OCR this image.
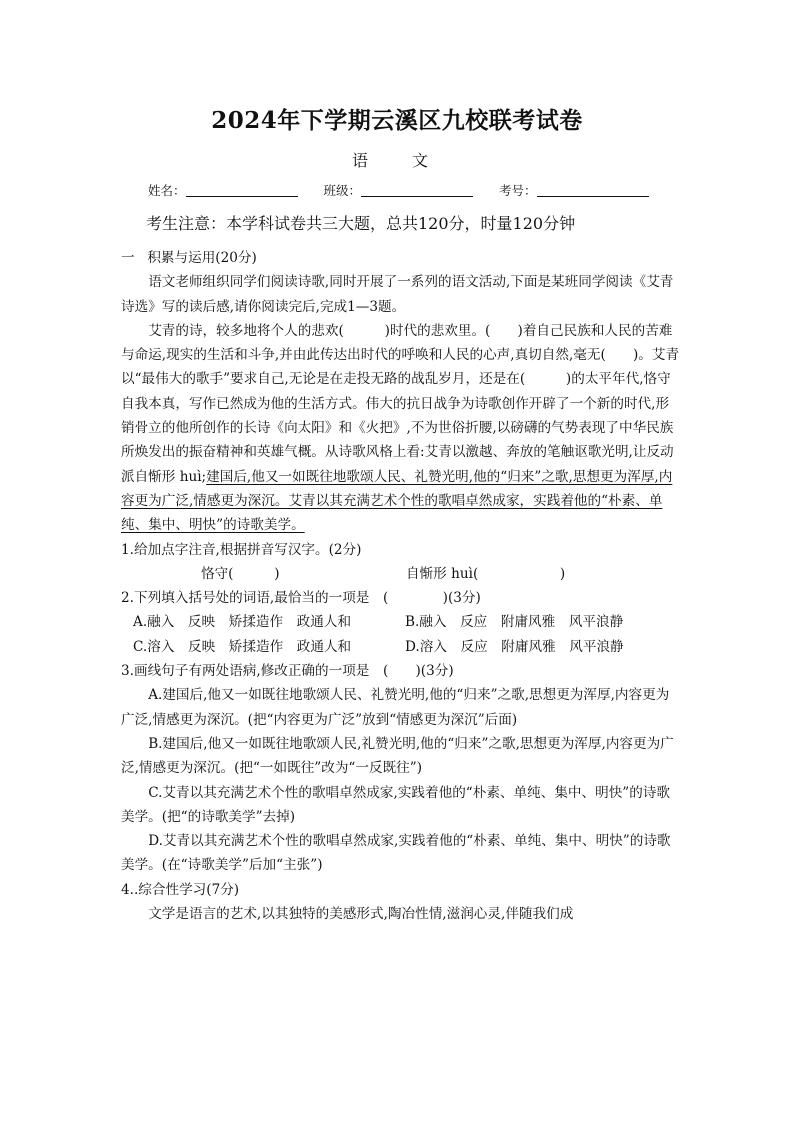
2024年下学期云溪区九校联考试卷
语　文
姓名：	班级：	考号：
考生注意：本学科试卷共三大题，总共120分，时量120分钟

一 积累与运用(20分)

语文老师组织同学们阅读诗歌,同时开展了一系列的语文活动,下面是某班同学阅读《艾青诗选》写的读后感,请你阅读完后,完成1—3题。

艾青的诗，较多地将个人的悲欢(　　　)时代的悲欢里。(　　)着自己民族和人民的苦难与命运,现实的生活和斗争,并由此传达出时代的呼唤和人民的心声,真切自然,毫无(　　)。艾青以“最伟大的歌手”要求自己,无论是在走投无路的战乱岁月，还是在(　　　)的太平年代,恪守自我本真，写作已然成为他的生活方式。伟大的抗日战争为诗歌创作开辟了一个新的时代,形销骨立的他所创作的长诗《向太阳》和《火把》,不为世俗折腰,以磅礴的气势表现了中华民族所焕发出的振奋精神和英雄气概。从诗歌风格上看:艾青以激越、奔放的笔触讴歌光明,让反动派自惭形 huì;建国后,他又一如既往地歌颂人民、礼赞光明,他的“归来”之歌,思想更为浑厚,内容更为广泛,情感更为深沉。艾青以其充满艺术个性的歌唱卓然成家，实践着他的“朴素、单纯、集中、明快”的诗歌美学。

1.给加点字注音,根据拼音写汉字。(2分)

恪守(　　　)	自惭形 huì(　　　　　　)

2.下列填入括号处的词语,最恰当的一项是　(　　　　)(3分)

A.融入　反映　矫揉造作　政通人和	B.融入　反应　附庸风雅　风平浪静

C.溶入　反映　矫揉造作　政通人和	D.溶入　反应　附庸风雅　风平浪静

3.画线句子有两处语病,修改正确的一项是　(　　)(3分)

A.建国后,他又一如既往地歌颂人民、礼赞光明,他的“归来”之歌,思想更为浑厚,内容更为广泛,情感更为深沉。(把“内容更为广泛”放到“情感更为深沉”后面)

B.建国后,他又一如既往地歌颂人民,礼赞光明,他的“归来”之歌,思想更为浑厚,内容更为广泛,情感更为深沉。(把“一如既往”改为“一反既往”)

C.艾青以其充满艺术个性的歌唱卓然成家,实践着他的“朴素、单纯、集中、明快”的诗歌美学。(把“的诗歌美学”去掉)

D.艾青以其充满艺术个性的歌唱卓然成家,实践着他的“朴素、单纯、集中、明快”的诗歌美学。(在“诗歌美学”后加“主张”)

4..综合性学习(7分)

文学是语言的艺术,以其独特的美感形式,陶冶性情,滋润心灵,伴随我们成
